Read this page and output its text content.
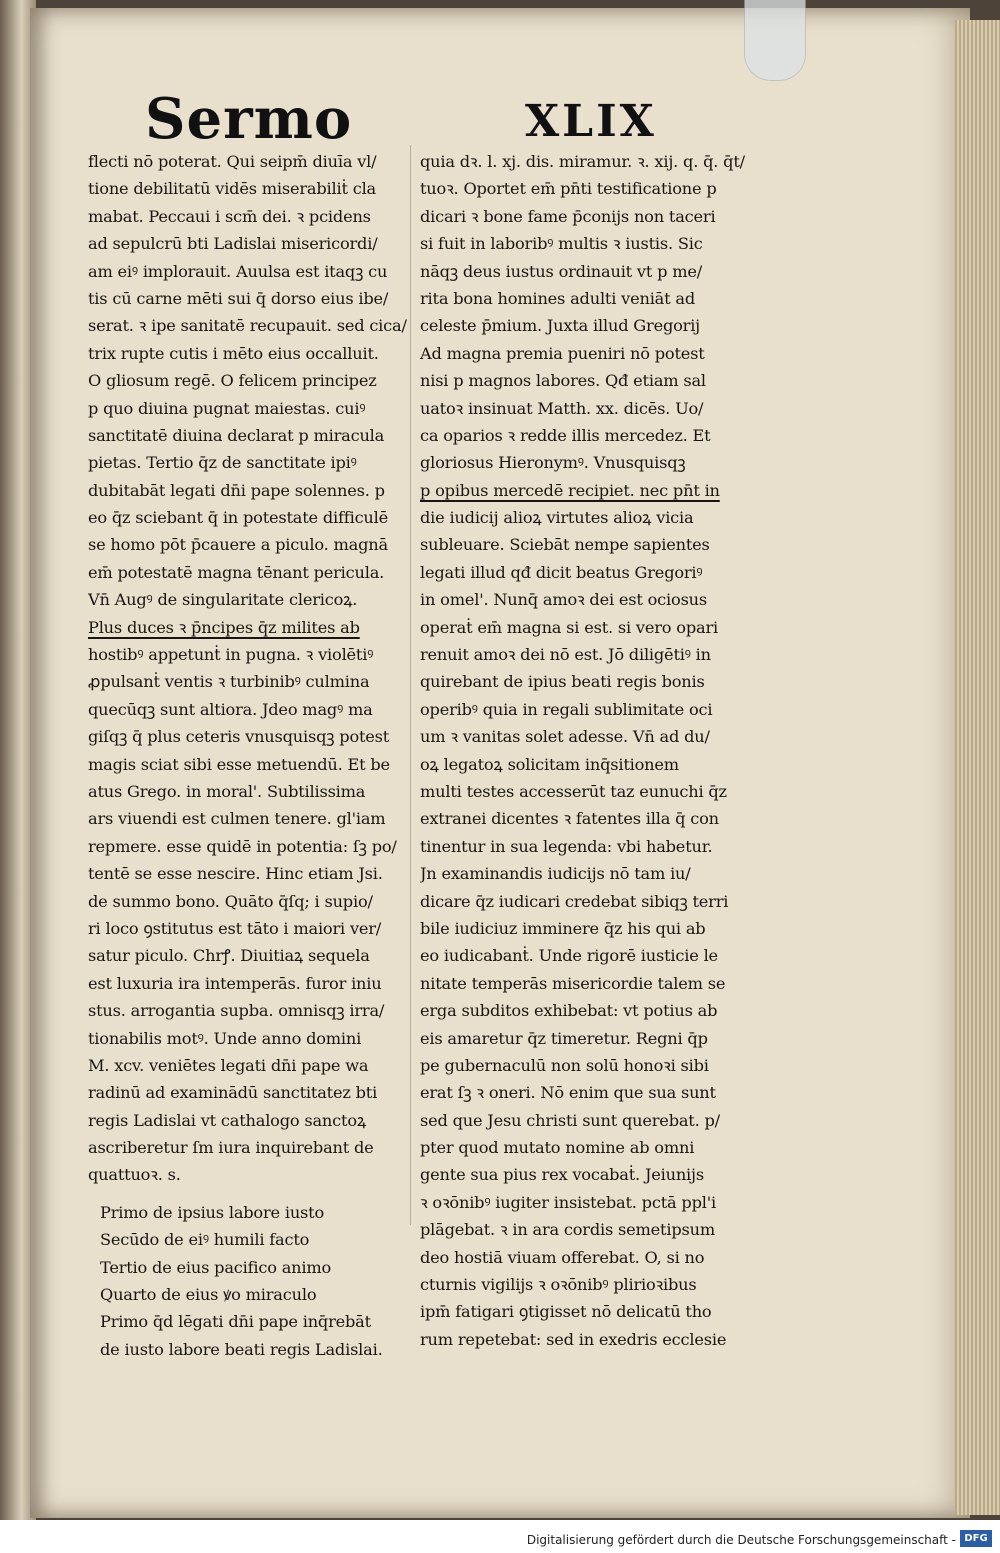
Sermo	XLIX
flecti nō poterat. Qui seipm̄ diuīa vl/
tione debilitatū vidēs miserabiliṫ cla
mabat. Peccaui i scm̄ dei. ꝛ pcidens
ad sepulcrū bti Ladislai misericordi/
am eiꝰ implorauit. Auulsa est itaqꝫ cu
tis cū carne mēti sui q̄ dorso eius ibe/
serat. ꝛ ipe sanitatē recupauit. sed cica/
trix rupte cutis i mēto eius occalluit.
O gliosum regē. O felicem principez
p quo diuina pugnat maiestas. cuiꝰ
sanctitatē diuina declarat p miracula
pietas. Tertio q̄z de sanctitate ipiꝰ
dubitabāt legati dn̄i pape solennes. p
eo q̄z sciebant q̄ in potestate difficulē
se homo pōt p̄cauere a piculo. magnā
em̄ potestatē magna tēnant pericula.
Vn̄ Augꝰ de singularitate clericoꝝ.
Plus duces ꝛ p̄ncipes q̄z milites ab
hostibꝰ appetunṫ in pugna. ꝛ violētiꝰ
ꝓpulsanṫ ventis ꝛ turbinibꝰ culmina
quecūqꝫ sunt altiora. Jdeo magꝰ ma
giſqꝫ q̄ plus ceteris vnusquisqꝫ potest
magis sciat sibi esse metuendū. Et be
atus Grego. in moral'. Subtilissima
ars viuendi est culmen tenere. gl'iam
repmere. esse quidē in potentia: ſꝫ po/
tentē se esse nescire. Hinc etiam Jsi.
de summo bono. Quāto q̄ſq; i supio/
ri loco ꝯstitutus est tāto i maiori ver/
satur piculo. Chrꝭ. Diuitiaꝝ sequela
est luxuria ira intemperās. furor iniu
stus. arrogantia supba. omnisqꝫ irra/
tionabilis motꝰ. Unde anno domini
M. xcv. veniētes legati dn̄i pape wa
radinū ad examinādū sanctitatez bti
regis Ladislai vt cathalogo sanctoꝝ
ascriberetur ſm iura inquirebant de
quattuoꝛ. s.
Primo de ipsius labore iusto
Secūdo de eiꝰ humili facto
Tertio de eius pacifico animo
Quarto de eius ꝟo miraculo
Primo q̄d lēgati dn̄i pape inq̄rebāt
de iusto labore beati regis Ladislai.
quia dꝛ. l. xj. dis. miramur. ꝛ. xij. q. q̄. q̄t/
tuoꝛ. Oportet em̄ pn̄ti testificatione p
dicari ꝛ bone fame p̄conijs non taceri
si fuit in laboribꝰ multis ꝛ iustis. Sic
nāqꝫ deus iustus ordinauit vt p me/
rita bona homines adulti veniāt ad
celeste p̄mium. Juxta illud Gregorij
Ad magna premia pueniri nō potest
nisi p magnos labores. Qđ etiam sal
uatoꝛ insinuat Matth. xx. dicēs. Uo/
ca oparios ꝛ redde illis mercedez. Et
gloriosus Hieronymꝰ. Vnusquisqꝫ
p opibus mercedē recipiet. nec pn̄t in
die iudicij alioꝝ virtutes alioꝝ vicia
subleuare. Sciebāt nempe sapientes
legati illud qđ dicit beatus Gregoriꝰ
in omel'. Nunq̄ amoꝛ dei est ociosus
operaṫ em̄ magna si est. si vero opari
renuit amoꝛ dei nō est. Jō diligētiꝰ in
quirebant de ipius beati regis bonis
operibꝰ quia in regali sublimitate oci
um ꝛ vanitas solet adesse. Vn̄ ad du/
oꝝ legatoꝝ solicitam inq̄sitionem
multi testes accesserūt taz eunuchi q̄z
extranei dicentes ꝛ fatentes illa q̄ con
tinentur in sua legenda: vbi habetur.
Jn examinandis iudicijs nō tam iu/
dicare q̄z iudicari credebat sibiqꝫ terri
bile iudiciuz imminere q̄z his qui ab
eo iudicabanṫ. Unde rigorē iusticie le
nitate temperās misericordie talem se
erga subditos exhibebat: vt potius ab
eis amaretur q̄z timeretur. Regni q̄p
pe gubernaculū non solū honoꝛi sibi
erat ſꝫ ꝛ oneri. Nō enim que sua sunt
sed que Jesu christi sunt querebat. p/
pter quod mutato nomine ab omni
gente sua pius rex vocabaṫ. Jeiunijs
ꝛ oꝛōnibꝰ iugiter insistebat. pctā ppl'i
plāgebat. ꝛ in ara cordis semetipsum
deo hostiā viuam offerebat. O, si no
cturnis vigilijs ꝛ oꝛōnibꝰ plirioꝛibus
ipm̄ fatigari ꝯtigisset nō delicatū tho
rum repetebat: sed in exedris ecclesie
Digitalisierung gefördert durch die Deutsche Forschungsgemeinschaft - DFG
